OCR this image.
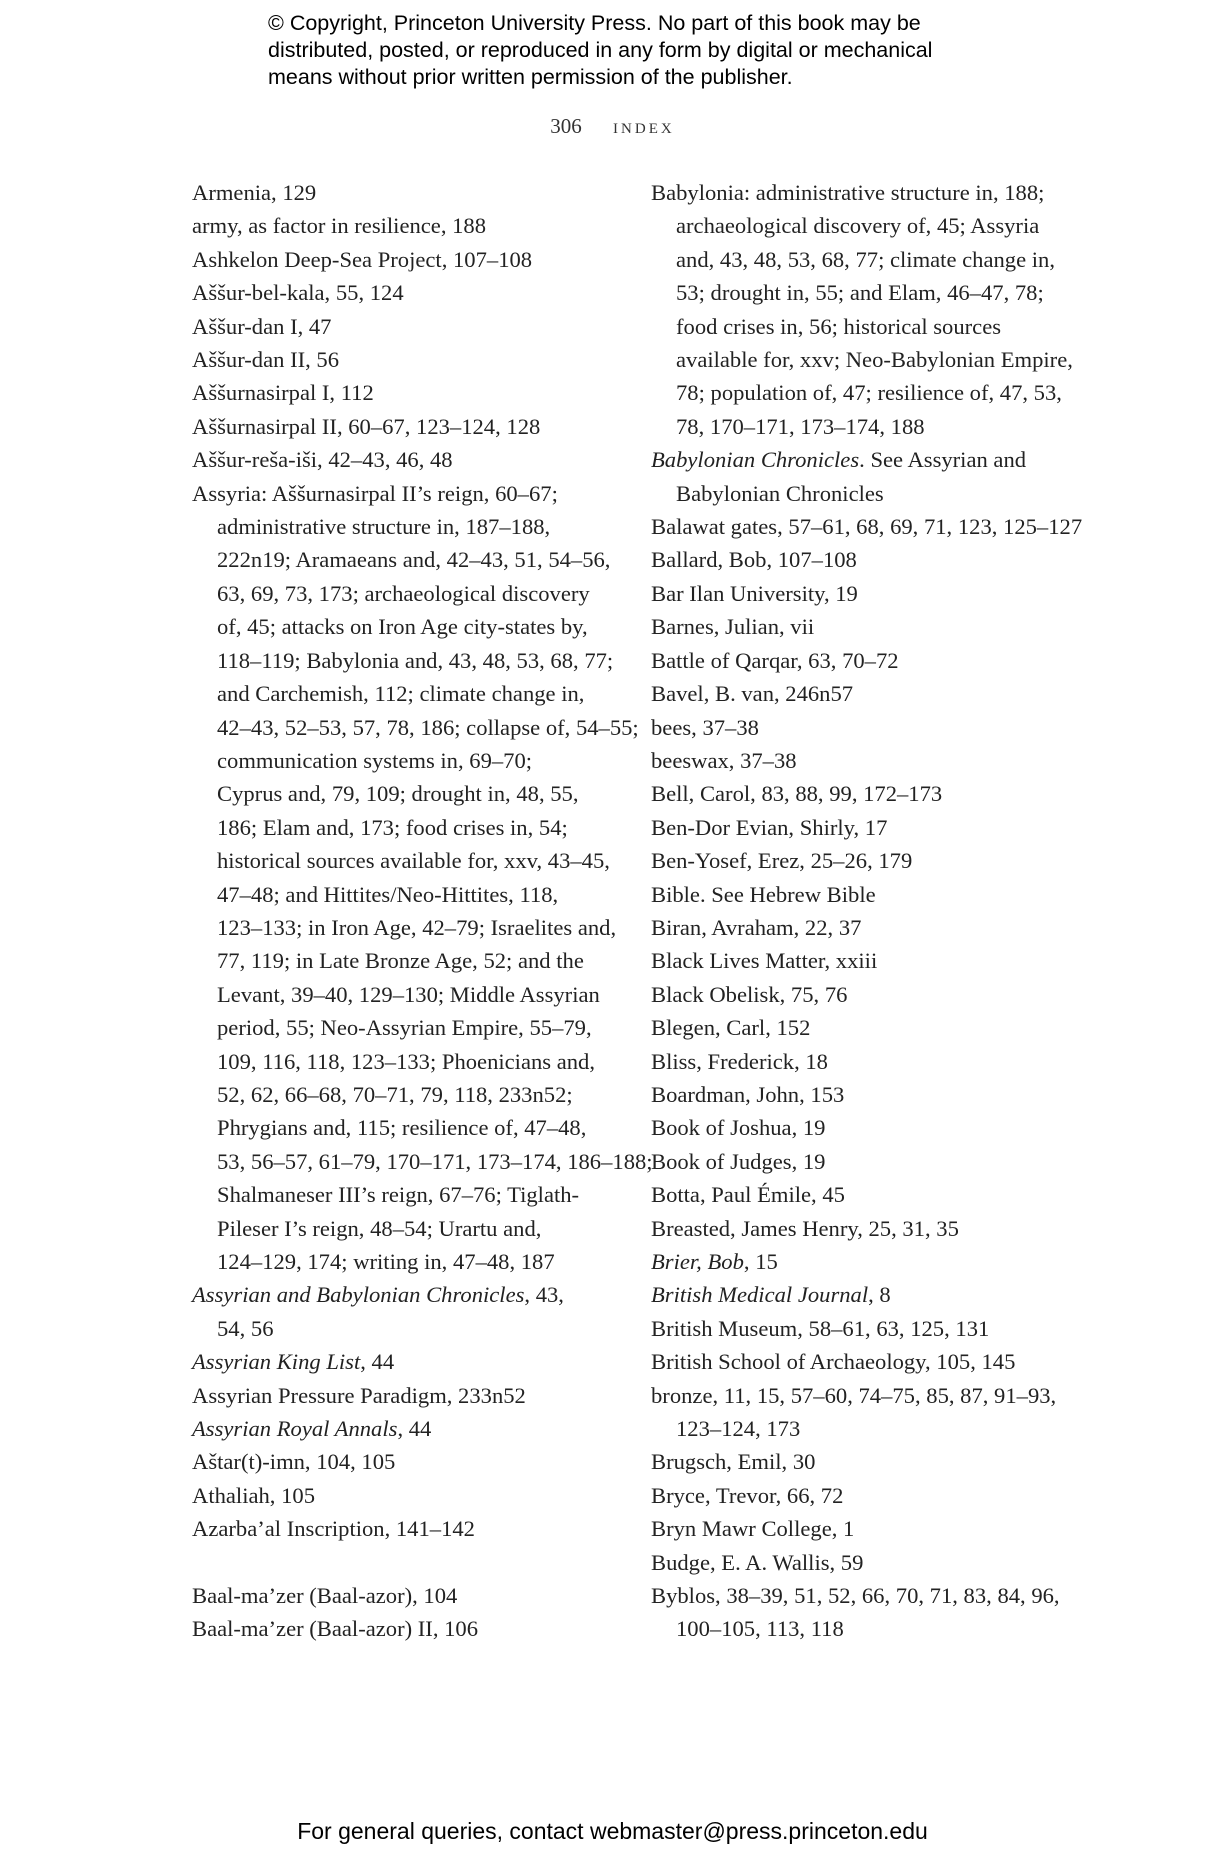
© Copyright, Princeton University Press. No part of this book may be
distributed, posted, or reproduced in any form by digital or mechanical
means without prior written permission of the publisher.
306 index
Armenia, 129
army, as factor in resilience, 188
Ashkelon Deep-Sea Project, 107–108
Aššur-bel-kala, 55, 124
Aššur-dan I, 47
Aššur-dan II, 56
Aššurnasirpal I, 112
Aššurnasirpal II, 60–67, 123–124, 128
Aššur-reša-iši, 42–43, 46, 48
Assyria: Aššurnasirpal II’s reign, 60–67;
administrative structure in, 187–188,
222n19; Aramaeans and, 42–43, 51, 54–56,
63, 69, 73, 173; archaeological discovery
of, 45; attacks on Iron Age city-states by,
118–119; Babylonia and, 43, 48, 53, 68, 77;
and Carchemish, 112; climate change in,
42–43, 52–53, 57, 78, 186; collapse of, 54–55;
communication systems in, 69–70;
Cyprus and, 79, 109; drought in, 48, 55,
186; Elam and, 173; food crises in, 54;
historical sources available for, xxv, 43–45,
47–48; and Hittites/Neo-Hittites, 118,
123–133; in Iron Age, 42–79; Israelites and,
77, 119; in Late Bronze Age, 52; and the
Levant, 39–40, 129–130; Middle Assyrian
period, 55; Neo-Assyrian Empire, 55–79,
109, 116, 118, 123–133; Phoenicians and,
52, 62, 66–68, 70–71, 79, 118, 233n52;
Phrygians and, 115; resilience of, 47–48,
53, 56–57, 61–79, 170–171, 173–174, 186–188;
Shalmaneser III’s reign, 67–76; Tiglath-
Pileser I’s reign, 48–54; Urartu and,
124–129, 174; writing in, 47–48, 187
Assyrian and Babylonian Chronicles, 43,
54, 56
Assyrian King List, 44
Assyrian Pressure Paradigm, 233n52
Assyrian Royal Annals, 44
Aštar(t)-imn, 104, 105
Athaliah, 105
Azarba’al Inscription, 141–142
Baal-ma’zer (Baal-azor), 104
Baal-ma’zer (Baal-azor) II, 106
Babylonia: administrative structure in, 188;
archaeological discovery of, 45; Assyria
and, 43, 48, 53, 68, 77; climate change in,
53; drought in, 55; and Elam, 46–47, 78;
food crises in, 56; historical sources
available for, xxv; Neo-Babylonian Empire,
78; population of, 47; resilience of, 47, 53,
78, 170–171, 173–174, 188
Babylonian Chronicles. See Assyrian and
Babylonian Chronicles
Balawat gates, 57–61, 68, 69, 71, 123, 125–127
Ballard, Bob, 107–108
Bar Ilan University, 19
Barnes, Julian, vii
Battle of Qarqar, 63, 70–72
Bavel, B. van, 246n57
bees, 37–38
beeswax, 37–38
Bell, Carol, 83, 88, 99, 172–173
Ben-Dor Evian, Shirly, 17
Ben-Yosef, Erez, 25–26, 179
Bible. See Hebrew Bible
Biran, Avraham, 22, 37
Black Lives Matter, xxiii
Black Obelisk, 75, 76
Blegen, Carl, 152
Bliss, Frederick, 18
Boardman, John, 153
Book of Joshua, 19
Book of Judges, 19
Botta, Paul Émile, 45
Breasted, James Henry, 25, 31, 35
Brier, Bob, 15
British Medical Journal, 8
British Museum, 58–61, 63, 125, 131
British School of Archaeology, 105, 145
bronze, 11, 15, 57–60, 74–75, 85, 87, 91–93,
123–124, 173
Brugsch, Emil, 30
Bryce, Trevor, 66, 72
Bryn Mawr College, 1
Budge, E. A. Wallis, 59
Byblos, 38–39, 51, 52, 66, 70, 71, 83, 84, 96,
100–105, 113, 118
For general queries, contact webmaster@press.princeton.edu
